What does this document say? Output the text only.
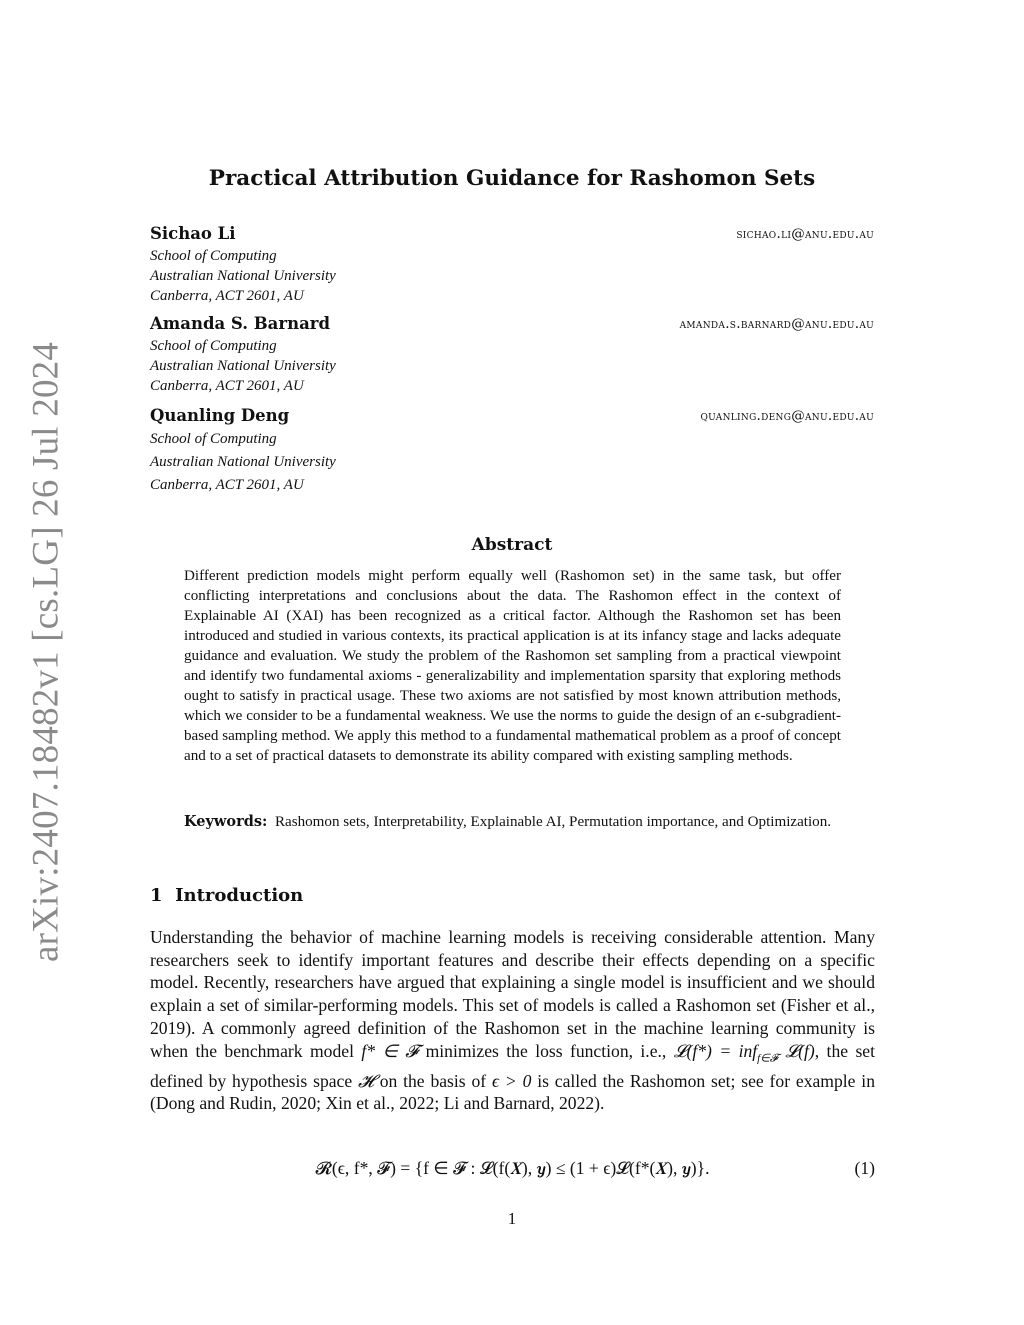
arXiv:2407.18482v1 [cs.LG] 26 Jul 2024
Practical Attribution Guidance for Rashomon Sets
Sichao Li	sichao.li@anu.edu.au
School of Computing
Australian National University
Canberra, ACT 2601, AU
Amanda S. Barnard	amanda.s.barnard@anu.edu.au
School of Computing
Australian National University
Canberra, ACT 2601, AU
Quanling Deng	quanling.deng@anu.edu.au
School of Computing
Australian National University
Canberra, ACT 2601, AU
Abstract

Different prediction models might perform equally well (Rashomon set) in the same task, but offer conflicting interpretations and conclusions about the data. The Rashomon effect in the context of Explainable AI (XAI) has been recognized as a critical factor. Although the Rashomon set has been introduced and studied in various contexts, its practical application is at its infancy stage and lacks adequate guidance and evaluation. We study the problem of the Rashomon set sampling from a practical viewpoint and identify two fundamental axioms - generalizability and implementation sparsity that exploring methods ought to satisfy in practical usage. These two axioms are not satisfied by most known attribution methods, which we consider to be a fundamental weakness. We use the norms to guide the design of an ϵ-subgradient-based sampling method. We apply this method to a fundamental mathematical problem as a proof of concept and to a set of practical datasets to demonstrate its ability compared with existing sampling methods.

Keywords: Rashomon sets, Interpretability, Explainable AI, Permutation importance, and Optimization.

1 Introduction

Understanding the behavior of machine learning models is receiving considerable attention. Many researchers seek to identify important features and describe their effects depending on a specific model. Recently, researchers have argued that explaining a single model is insufficient and we should explain a set of similar-performing models. This set of models is called a Rashomon set (Fisher et al., 2019). A commonly agreed definition of the Rashomon set in the machine learning community is when the benchmark model f* ∈ 𝓕 minimizes the loss function, i.e., 𝓛(f*) = inf$_{f\in 𝓕}$ 𝓛(f), the set defined by hypothesis space 𝓗 on the basis of ϵ > 0 is called the Rashomon set; see for example in (Dong and Rudin, 2020; Xin et al., 2022; Li and Barnard, 2022).

𝓡(ϵ, f*, 𝓕) = {f ∈ 𝓕 : 𝓛(f(𝑿), 𝒚) ≤ (1 + ϵ)𝓛(f*(𝑿), 𝒚)}.	(1)
1
